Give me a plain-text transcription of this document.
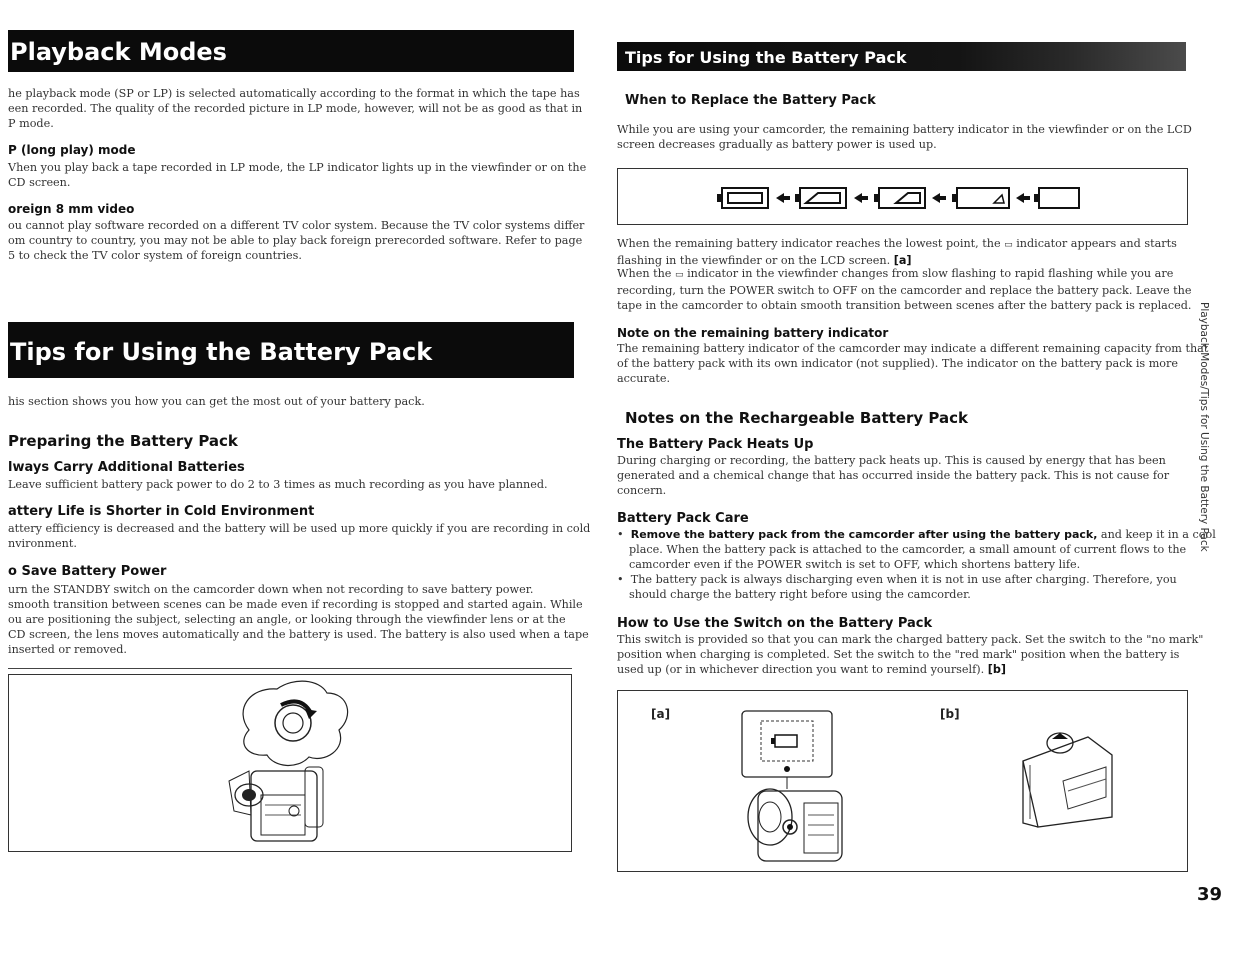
Playback Modes
he playback mode (SP or LP) is selected automatically according to the format in which the tape has
een recorded. The quality of the recorded picture in LP mode, however, will not be as good as that in
P mode.
P (long play) mode
Vhen you play back a tape recorded in LP mode, the LP indicator lights up in the viewfinder or on the
CD screen.
oreign 8 mm video
ou cannot play software recorded on a different TV color system. Because the TV color systems differ
om country to country, you may not be able to play back foreign prerecorded software. Refer to page
5 to check the TV color system of foreign countries.
Tips for Using the Battery Pack
his section shows you how you can get the most out of your battery pack.
Preparing the Battery Pack
lways Carry Additional Batteries
Leave sufficient battery pack power to do 2 to 3 times as much recording as you have planned.
attery Life is Shorter in Cold Environment
attery efficiency is decreased and the battery will be used up more quickly if you are recording in cold
nvironment.
o Save Battery Power
urn the STANDBY switch on the camcorder down when not recording to save battery power.
smooth transition between scenes can be made even if recording is stopped and started again. While
ou are positioning the subject, selecting an angle, or looking through the viewfinder lens or at the
CD screen, the lens moves automatically and the battery is used. The battery is also used when a tape
inserted or removed.
Tips for Using the Battery Pack
When to Replace the Battery Pack
While you are using your camcorder, the remaining battery indicator in the viewfinder or on the LCD
screen decreases gradually as battery power is used up.
When the remaining battery indicator reaches the lowest point, the ▭ indicator appears and starts
flashing in the viewfinder or on the LCD screen. [a]
When the ▭ indicator in the viewfinder changes from slow flashing to rapid flashing while you are
recording, turn the POWER switch to OFF on the camcorder and replace the battery pack. Leave the
tape in the camcorder to obtain smooth transition between scenes after the battery pack is replaced.
Note on the remaining battery indicator
The remaining battery indicator of the camcorder may indicate a different remaining capacity from that
of the battery pack with its own indicator (not supplied). The indicator on the battery pack is more
accurate.
Notes on the Rechargeable Battery Pack
The Battery Pack Heats Up
During charging or recording, the battery pack heats up. This is caused by energy that has been
generated and a chemical change that has occurred inside the battery pack. This is not cause for
concern.
Battery Pack Care
• Remove the battery pack from the camcorder after using the battery pack, and keep it in a cool
place. When the battery pack is attached to the camcorder, a small amount of current flows to the
camcorder even if the POWER switch is set to OFF, which shortens battery life.
• The battery pack is always discharging even when it is not in use after charging. Therefore, you
should charge the battery right before using the camcorder.
How to Use the Switch on the Battery Pack
This switch is provided so that you can mark the charged battery pack. Set the switch to the "no mark"
position when charging is completed. Set the switch to the "red mark" position when the battery is
used up (or in whichever direction you want to remind yourself). [b]
[a]	[b]
Playback Modes/Tips for Using the Battery Pack
39
